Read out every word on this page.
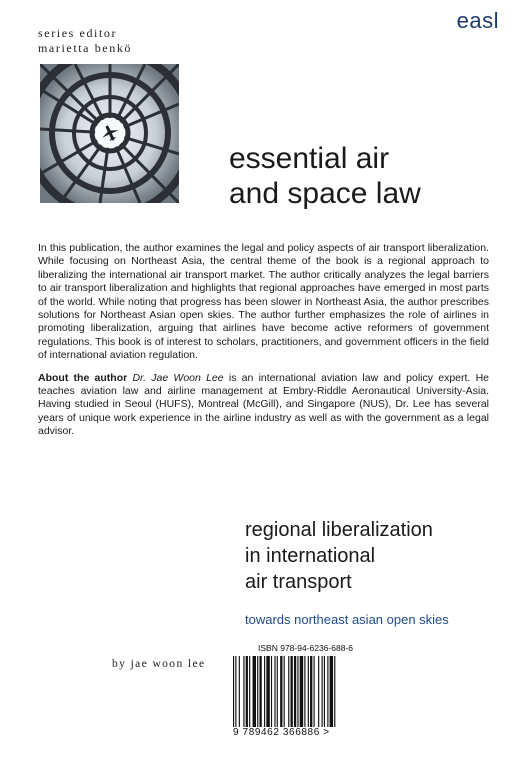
series editor
marietta benkö
easl
essential air
and space law

In this publication, the author examines the legal and policy aspects of air transport liberalization. While focusing on Northeast Asia, the central theme of the book is a regional approach to liberalizing the international air transport market. The author critically analyzes the legal barriers to air transport liberalization and highlights that regional approaches have emerged in most parts of the world. While noting that progress has been slower in Northeast Asia, the author prescribes solutions for Northeast Asian open skies. The author further emphasizes the role of airlines in promoting liberalization, arguing that airlines have become active reformers of government regulations. This book is of interest to scholars, practitioners, and government officers in the field of international aviation regulation.

About the author Dr. Jae Woon Lee is an international aviation law and policy expert. He teaches aviation law and airline management at Embry-Riddle Aeronautical University-Asia. Having studied in Seoul (HUFS), Montreal (McGill), and Singapore (NUS), Dr. Lee has several years of unique work experience in the airline industry as well as with the government as a legal advisor.

regional liberalization
in international
air transport
towards northeast asian open skies
by jae woon lee
ISBN 978-94-6236-688-6
9 789462 366886 >
